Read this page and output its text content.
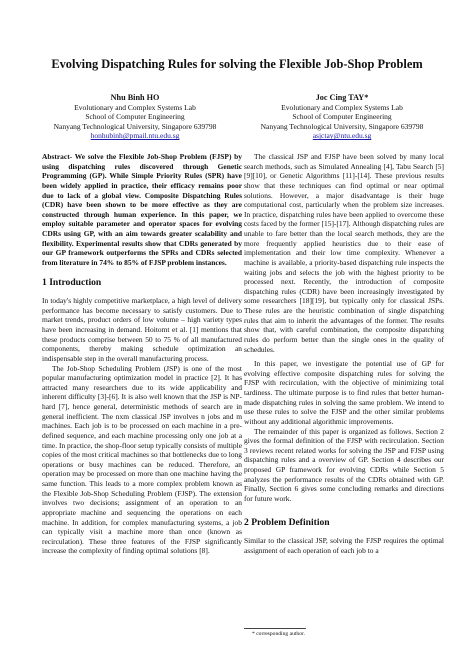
Evolving Dispatching Rules for solving the Flexible Job-Shop Problem
Nhu Binh HO
Evolutionary and Complex Systems Lab
School of Computer Engineering
Nanyang Technological University, Singapore 639798
honhubinh@pmail.ntu.edu.sg
Joc Cing TAY*
Evolutionary and Complex Systems Lab
School of Computer Engineering
Nanyang Technological University, Singapore 639798
asjctay@ntu.edu.sg

Abstract- We solve the Flexible Job-Shop Problem (FJSP) by using dispatching rules discovered through Genetic Programming (GP). While Simple Priority Rules (SPR) have been widely applied in practice, their efficacy remains poor due to lack of a global view. Composite Dispatching Rules (CDR) have been shown to be more effective as they are constructed through human experience. In this paper, we employ suitable parameter and operator spaces for evolving CDRs using GP, with an aim towards greater scalability and flexibility. Experimental results show that CDRs generated by our GP framework outperforms the SPRs and CDRs selected from literature in 74% to 85% of FJSP problem instances.

1 Introduction

In today's highly competitive marketplace, a high level of delivery performance has become necessary to satisfy customers. Due to market trends, product orders of low volume – high variety types have been increasing in demand. Hoitomt et al. [1] mentions that these products comprise between 50 to 75 % of all manufactured components, thereby making schedule optimization an indispensable step in the overall manufacturing process.

The Job-Shop Scheduling Problem (JSP) is one of the most popular manufacturing optimization model in practice [2]. It has attracted many researchers due to its wide applicability and inherent difficulty [3]-[6]. It is also well known that the JSP is NP-hard [7], hence general, deterministic methods of search are in general inefficient. The nxm classical JSP involves n jobs and m machines. Each job is to be processed on each machine in a pre-defined sequence, and each machine processing only one job at a time. In practice, the shop-floor setup typically consists of multiple copies of the most critical machines so that bottlenecks due to long operations or busy machines can be reduced. Therefore, an operation may be processed on more than one machine having the same function. This leads to a more complex problem known as the Flexible Job-Shop Scheduling Problem (FJSP). The extension involves two decisions; assignment of an operation to an appropriate machine and sequencing the operations on each machine. In addition, for complex manufacturing systems, a job can typically visit a machine more than once (known as recirculation). These three features of the FJSP significantly increase the complexity of finding optimal solutions [8].

The classical JSP and FJSP have been solved by many local search methods, such as Simulated Annealing [4], Tabu Search [5][9][10], or Genetic Algorithms [11]-[14]. These previous results show that these techniques can find optimal or near optimal solutions. However, a major disadvantage is their huge computational cost, particularly when the problem size increases. In practice, dispatching rules have been applied to overcome these costs faced by the former [15]-[17]. Although dispatching rules are unable to fare better than the local search methods, they are the more frequently applied heuristics due to their ease of implementation and their low time complexity. Whenever a machine is available, a priority-based dispatching rule inspects the waiting jobs and selects the job with the highest priority to be processed next. Recently, the introduction of composite dispatching rules (CDR) have been increasingly investigated by some researchers [18][19], but typically only for classical JSPs. These rules are the heuristic combination of single dispatching rules that aim to inherit the advantages of the former. The results show that, with careful combination, the composite dispatching rules do perform better than the single ones in the quality of schedules.

In this paper, we investigate the potential use of GP for evolving effective composite dispatching rules for solving the FJSP with recirculation, with the objective of minimizing total tardiness. The ultimate purpose is to find rules that better human-made dispatching rules in solving the same problem. We intend to use these rules to solve the FJSP and the other similar problems without any additional algorithmic improvements.

The remainder of this paper is organized as follows. Section 2 gives the formal definition of the FJSP with recirculation. Section 3 reviews recent related works for solving the JSP and FJSP using dispatching rules and a overview of GP. Section 4 describes our proposed GP framework for evolving CDRs while Section 5 analyzes the performance results of the CDRs obtained with GP. Finally, Section 6 gives some concluding remarks and directions for future work.

2 Problem Definition

Similar to the classical JSP, solving the FJSP requires the optimal assignment of each operation of each job to a

* corresponding author.
